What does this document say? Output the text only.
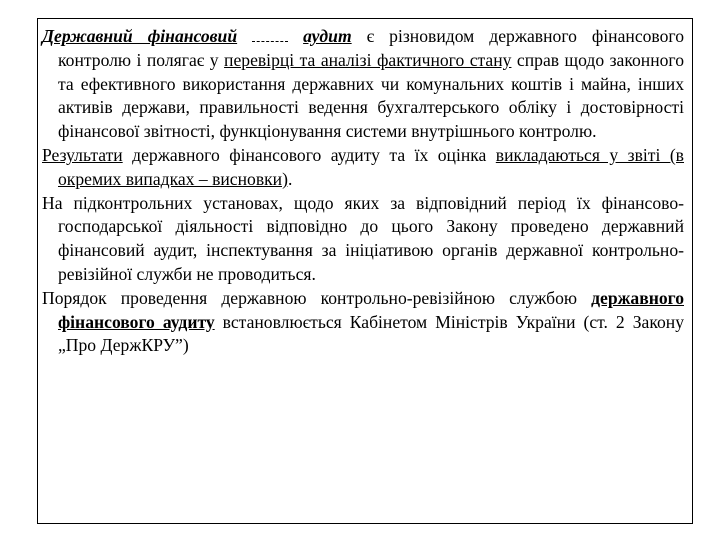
Державний фінансовий	аудит є різновидом державного фінансового контролю і полягає у перевірці та аналізі фактичного стану справ щодо законного та ефективного використання державних чи комунальних коштів і майна, інших активів держави, правильності ведення бухгалтерського обліку і достовірності фінансової звітності, функціонування системи внутрішнього контролю.

Результати державного фінансового аудиту та їх оцінка викладаються у звіті (в окремих випадках – висновки).

На підконтрольних установах, щодо яких за відповідний період їх фінансово-господарської діяльності відповідно до цього Закону проведено державний фінансовий аудит, інспектування за ініціативою органів державної контрольно-ревізійної служби не проводиться.

Порядок проведення державною контрольно-ревізійною службою державного фінансового аудиту встановлюється Кабінетом Міністрів України (ст. 2 Закону „Про ДержКРУ”)
